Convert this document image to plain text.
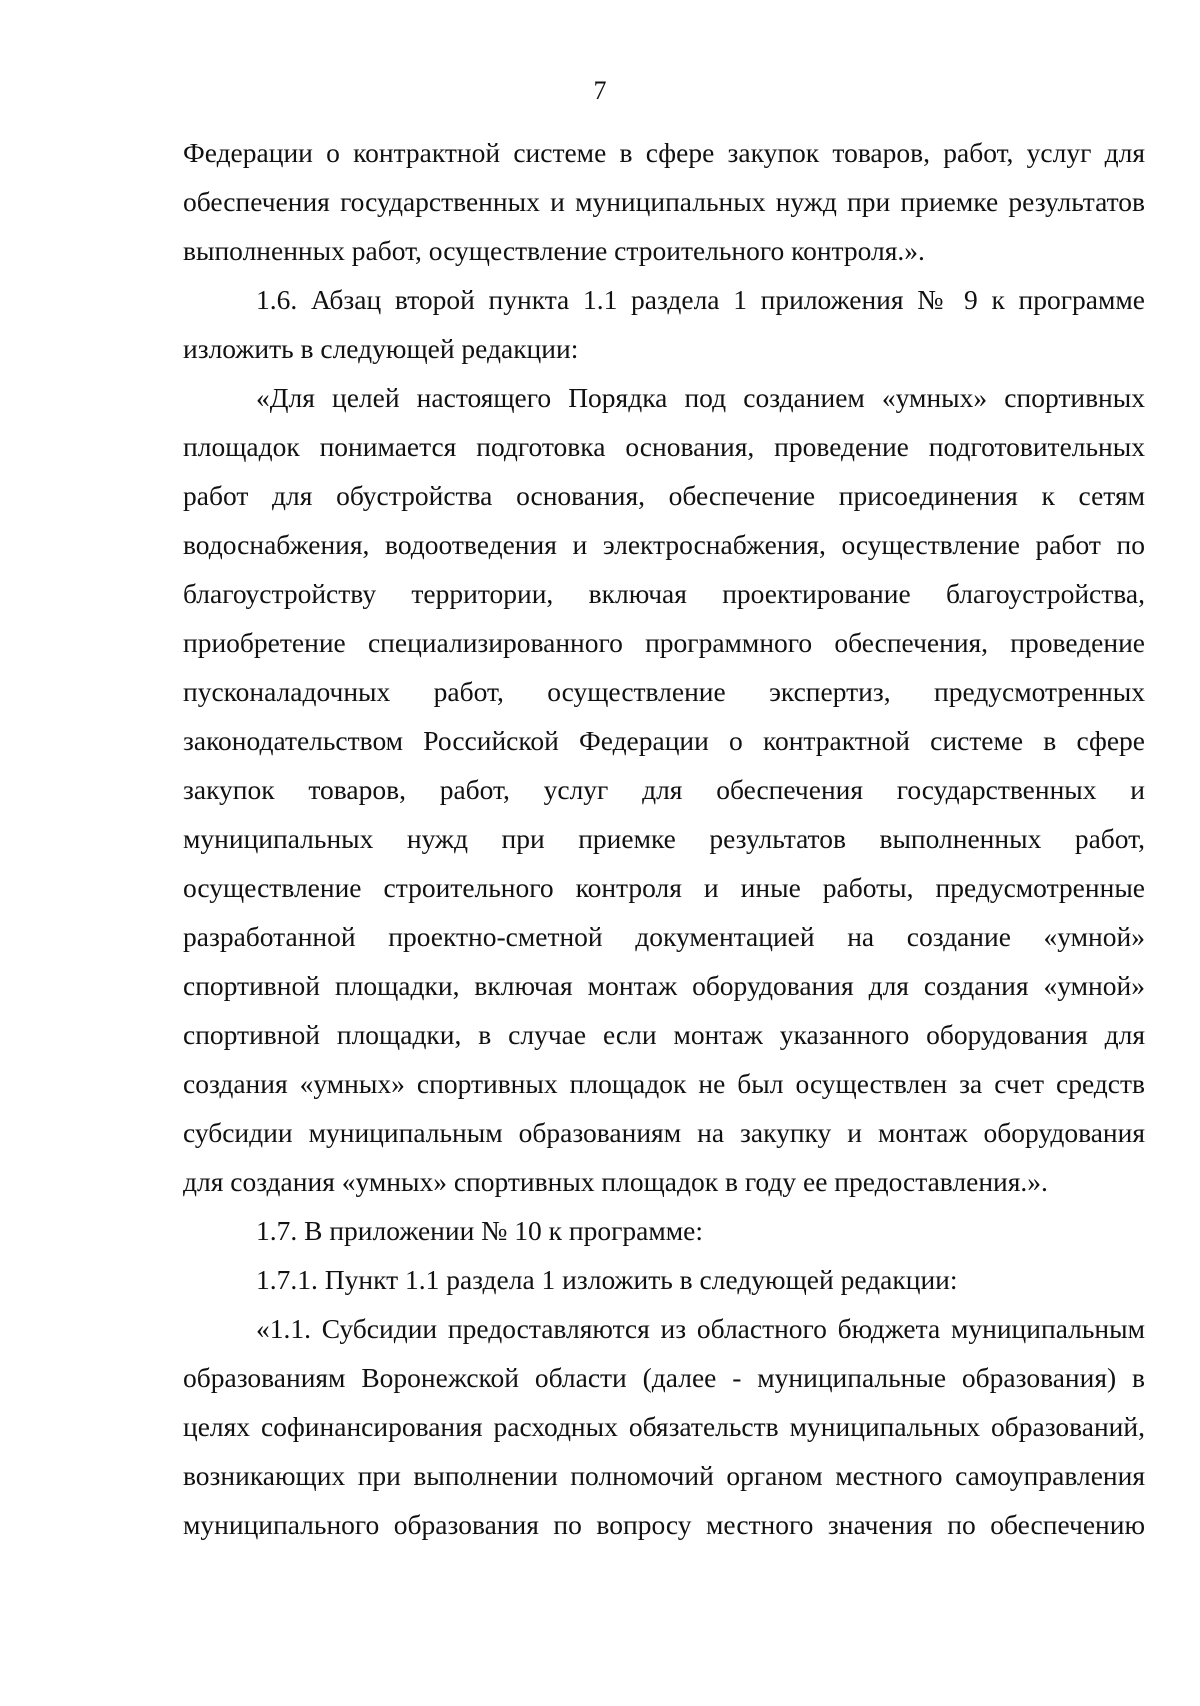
7
Федерации о контрактной системе в сфере закупок товаров, работ, услуг для
обеспечения государственных и муниципальных нужд при приемке результатов
выполненных работ, осуществление строительного контроля.».
1.6. Абзац второй пункта 1.1 раздела 1 приложения № 9 к программе
изложить в следующей редакции:
«Для целей настоящего Порядка под созданием «умных» спортивных
площадок понимается подготовка основания, проведение подготовительных
работ для обустройства основания, обеспечение присоединения к сетям
водоснабжения, водоотведения и электроснабжения, осуществление работ по
благоустройству территории, включая проектирование благоустройства,
приобретение специализированного программного обеспечения, проведение
пусконаладочных работ, осуществление экспертиз, предусмотренных
законодательством Российской Федерации о контрактной системе в сфере
закупок товаров, работ, услуг для обеспечения государственных и
муниципальных нужд при приемке результатов выполненных работ,
осуществление строительного контроля и иные работы, предусмотренные
разработанной проектно-сметной документацией на создание «умной»
спортивной площадки, включая монтаж оборудования для создания «умной»
спортивной площадки, в случае если монтаж указанного оборудования для
создания «умных» спортивных площадок не был осуществлен за счет средств
субсидии муниципальным образованиям на закупку и монтаж оборудования
для создания «умных» спортивных площадок в году ее предоставления.».
1.7. В приложении № 10 к программе:
1.7.1. Пункт 1.1 раздела 1 изложить в следующей редакции:
«1.1. Субсидии предоставляются из областного бюджета муниципальным
образованиям Воронежской области (далее - муниципальные образования) в
целях софинансирования расходных обязательств муниципальных образований,
возникающих при выполнении полномочий органом местного самоуправления
муниципального образования по вопросу местного значения по обеспечению
